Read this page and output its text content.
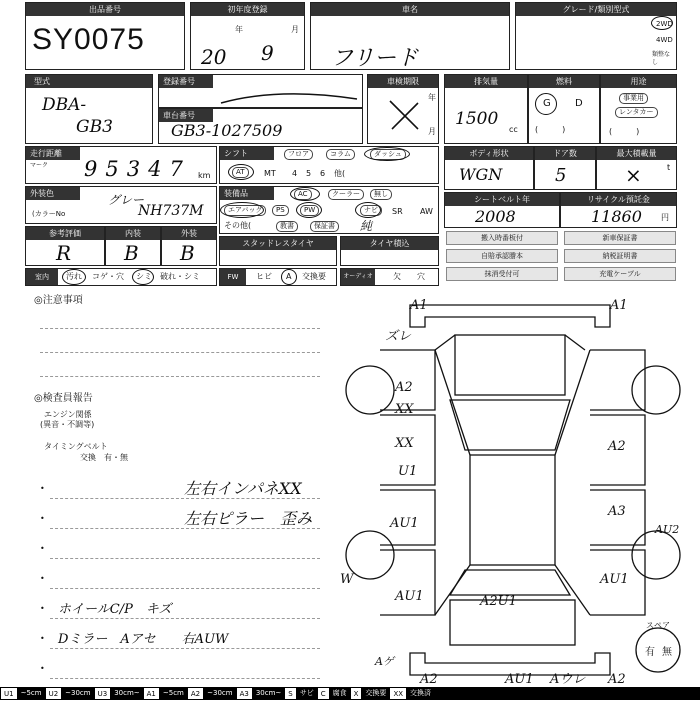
出品番号
SY0075
初年度登録
年	月
20 9
車名
フリード
グレード/類別型式
2WD
4WD
類整なし
型式
DBA-
GB3
登録番号
車台番号
GB3-1027509
車検期限
年
月
排気量
1500
cc
燃料
G D
(　　　)
用途
事業用
レンタカー
(　　　)
走行距離
マーク 95347 km
シフト	フロア	コラム	ダッシュ
AT	MT 4 5 6 他(
ボディ形状
WGN
ドア数
5
最大積載量
t
×
外装色	グレー
(カラーNo	NH737M
装備品	AC	クーラー	無し
エアバッグ	PS	PW	ナビ	SR AW
その他(	教書	保証書	純
シートベルト年
2008
リサイクル預託金
11860 円
参考評価
R
内装
B
外装
B	スタッドレスタイヤ	タイヤ積込
搬入時番板付	新車保証書
自賠承認謄本	納税証明書
抹消受付可	充電ケーブル
室内	汚れ コゲ・穴 シミ 破れ・シミ	FW	ヒビ A 交換要	オーディオ	欠 穴
◎注意事項
◎検査員報告
エンジン関係
(異音・不調等)
タイミングベルト
交換　有・無
•	左右インパネXX
•	左右ピラー　歪み
•
•
• ホイールC/P　キズ
• Dミラー　Aアセ　　右AUW
•
A1	A1
ズレ
A2
XX
XX
U1
A2
A3
AU1	AU2
W
AU1
AU1
A2U1
Aゲ
A2	AU1 Aウレ A2
スペア
有 無
U1	~5cm	U2	~30cm	U3	30cm~	A1	~5cm	A2	~30cm	A3	30cm~	S	サビ	C	腐食	X	交換要	XX	交換済
